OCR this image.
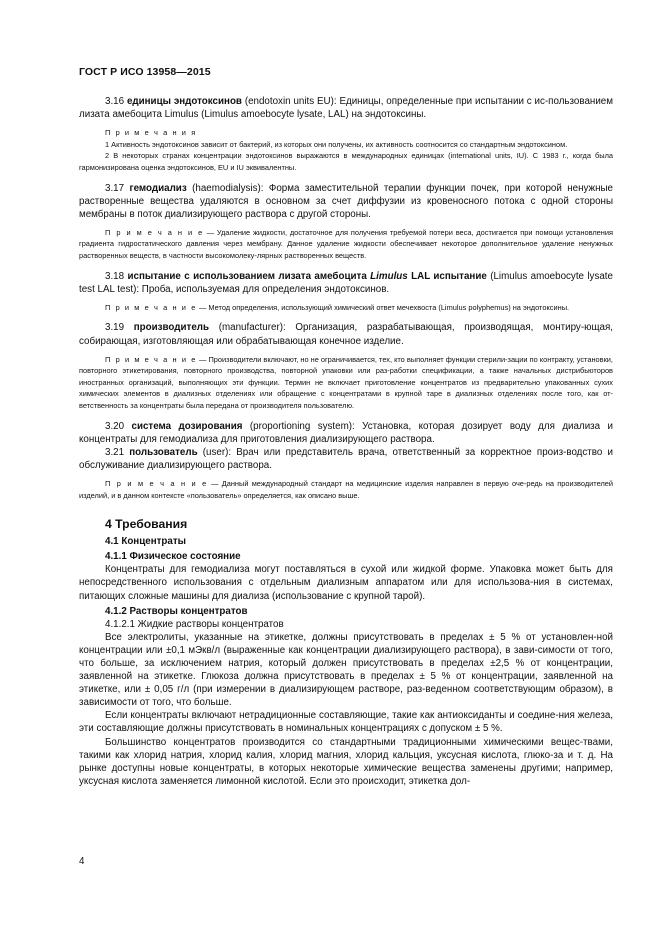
ГОСТ Р ИСО 13958—2015

3.16 единицы эндотоксинов (endotoxin units EU): Единицы, определенные при испытании с ис-пользованием лизата амебоцита Limulus (Limulus amoebocyte lysate, LAL) на эндотоксины.

П р и м е ч а н и я

1 Активность эндотоксинов зависит от бактерий, из которых они получены, их активность соотносится со стандартным эндотоксином.

2 В некоторых странах концентрации эндотоксинов выражаются в международных единицах (international units, IU). С 1983 г., когда была гармонизирована оценка эндотоксинов, EU и IU эквивалентны.

3.17 гемодиализ (haemodialysis): Форма заместительной терапии функции почек, при которой ненужные растворенные вещества удаляются в основном за счет диффузии из кровеносного потока с одной стороны мембраны в поток диализирующего раствора с другой стороны.

П р и м е ч а н и е — Удаление жидкости, достаточное для получения требуемой потери веса, достигается при помощи установления градиента гидростатического давления через мембрану. Данное удаление жидкости обеспечивает некоторое дополнительное удаление ненужных растворенных веществ, в частности высокомолеку-лярных растворенных веществ.

3.18 испытание с использованием лизата амебоцита Limulus LAL испытание (Limulus amoebocyte lysate test LAL test): Проба, используемая для определения эндотоксинов.

П р и м е ч а н и е — Метод определения, использующий химический ответ мечехвоста (Limulus polyphemus) на эндотоксины.

3.19 производитель (manufacturer): Организация, разрабатывающая, производящая, монтиру-ющая, собирающая, изготовляющая или обрабатывающая конечное изделие.

П р и м е ч а н и е — Производители включают, но не ограничивается, тех, кто выполняет функции стерили-зации по контракту, установки, повторного этикетирования, повторного производства, повторной упаковки или раз-работки спецификации, а также начальных дистрибьюторов иностранных организаций, выполняющих эти функции. Термин не включает приготовление концентратов из предварительно упакованных сухих химических элементов в диализных отделениях или обращение с концентратами в крупной таре в диализных отделениях после того, как от-ветственность за концентраты была передана от производителя пользователю.

3.20 система дозирования (proportioning system): Установка, которая дозирует воду для диализа и концентраты для гемодиализа для приготовления диализирующего раствора.

3.21 пользователь (user): Врач или представитель врача, ответственный за корректное произ-водство и обслуживание диализирующего раствора.

П р и м е ч а н и е — Данный международный стандарт на медицинские изделия направлен в первую оче-редь на производителей изделий, и в данном контексте «пользователь» определяется, как описано выше.

4 Требования
4.1 Концентраты
4.1.1 Физическое состояние

Концентраты для гемодиализа могут поставляться в сухой или жидкой форме. Упаковка может быть для непосредственного использования с отдельным диализным аппаратом или для использова-ния в системах, питающих сложные машины для диализа (использование с крупной тарой).

4.1.2 Растворы концентратов
4.1.2.1 Жидкие растворы концентратов

Все электролиты, указанные на этикетке, должны присутствовать в пределах ± 5 % от установлен-ной концентрации или ±0,1 мЭкв/л (выраженные как концентрации диализирующего раствора), в зави-симости от того, что больше, за исключением натрия, который должен присутствовать в пределах ±2,5 % от концентрации, заявленной на этикетке. Глюкоза должна присутствовать в пределах ± 5 % от концентрации, заявленной на этикетке, или ± 0,05 г/л (при измерении в диализирующем растворе, раз-веденном соответствующим образом), в зависимости от того, что больше.

Если концентраты включают нетрадиционные составляющие, такие как антиоксиданты и соедине-ния железа, эти составляющие должны присутствовать в номинальных концентрациях с допуском ± 5 %.

Большинство концентратов производится со стандартными традиционными химическими вещес-твами, такими как хлорид натрия, хлорид калия, хлорид магния, хлорид кальция, уксусная кислота, глюко-за и т. д. На рынке доступны новые концентраты, в которых некоторые химические вещества заменены другими; например, уксусная кислота заменяется лимонной кислотой. Если это происходит, этикетка дол-

4
